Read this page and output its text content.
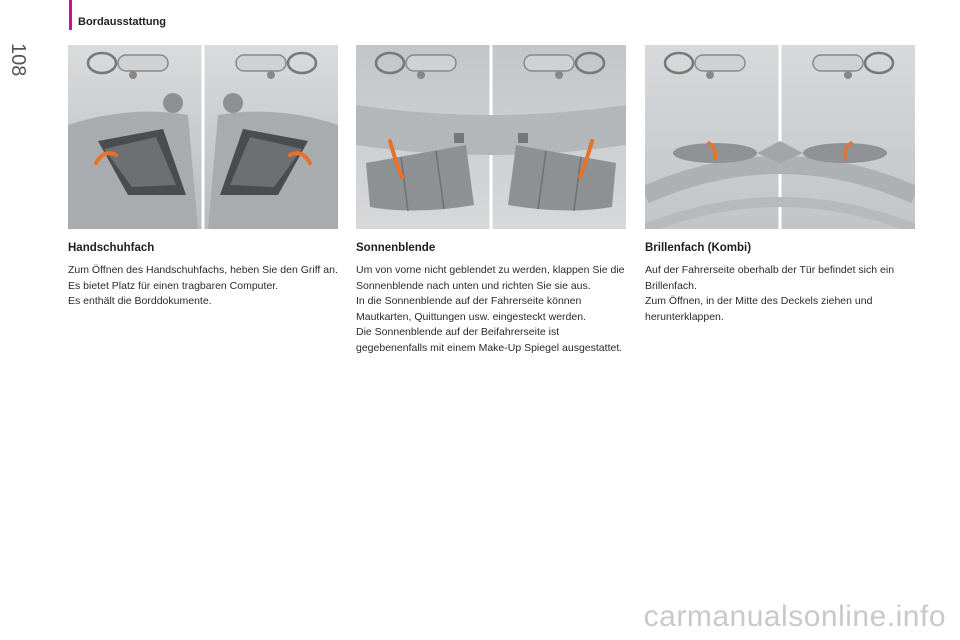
Bordausstattung
108
Handschuhfach

Zum Öffnen des Handschuhfachs, heben Sie den Griff an.

Es bietet Platz für einen tragbaren Computer.

Es enthält die Borddokumente.

Sonnenblende

Um von vorne nicht geblendet zu werden, klappen Sie die Sonnenblende nach unten und richten Sie sie aus.

In die Sonnenblende auf der Fahrerseite können Mautkarten, Quittungen usw. eingesteckt werden.

Die Sonnenblende auf der Beifahrerseite ist gegebenenfalls mit einem Make-Up Spiegel ausgestattet.

Brillenfach (Kombi)

Auf der Fahrerseite oberhalb der Tür befindet sich ein Brillenfach.

Zum Öffnen, in der Mitte des Deckels ziehen und herunterklappen.

carmanualsonline.info
